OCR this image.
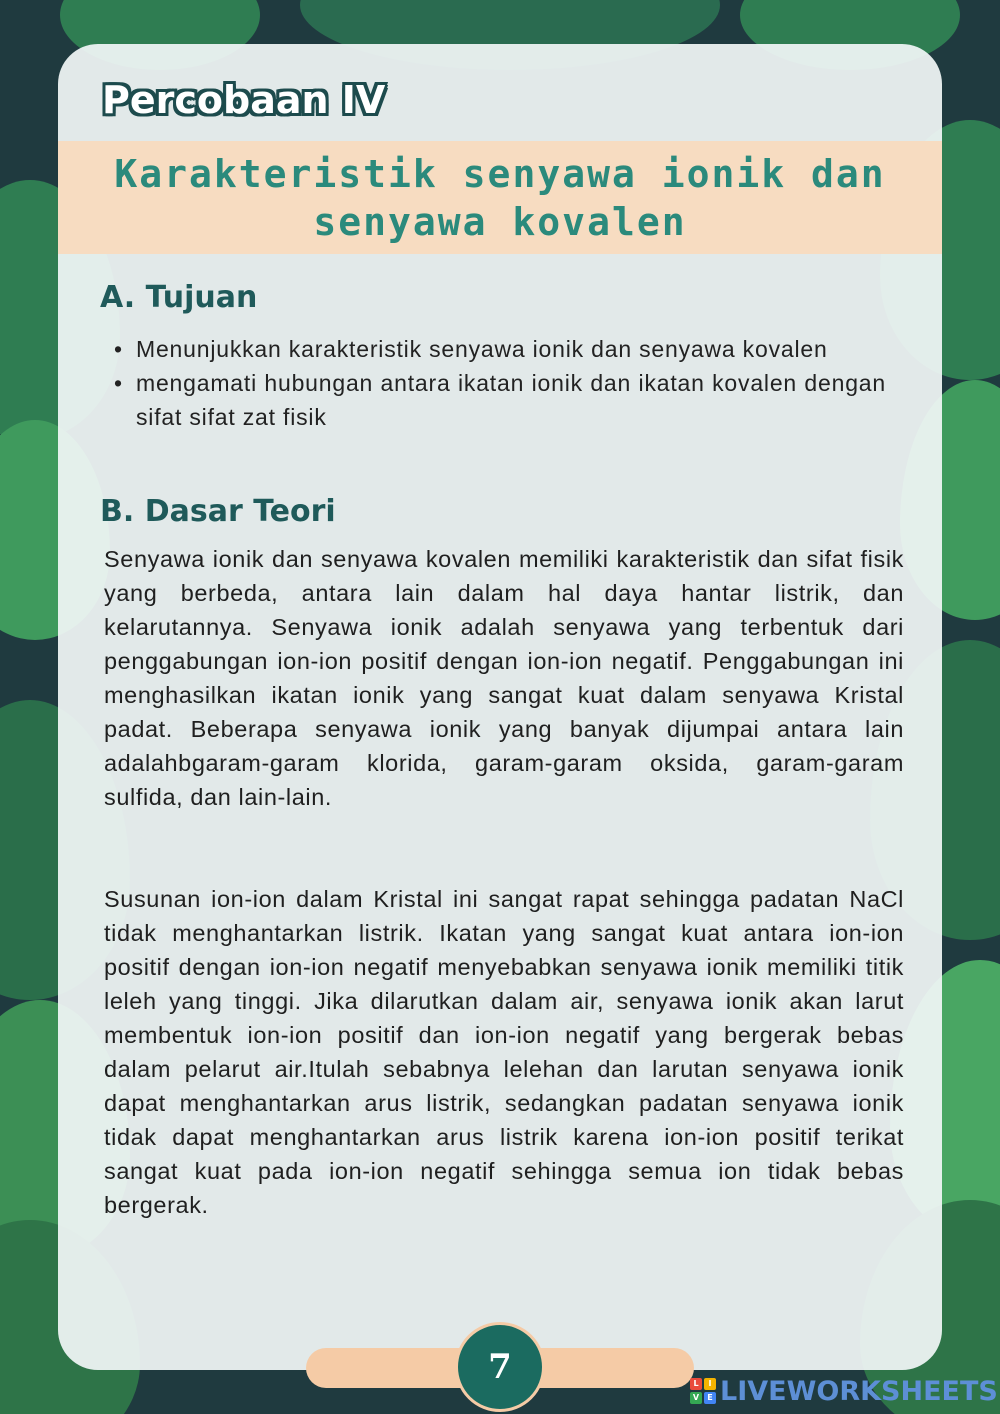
Percobaan IV
Karakteristik senyawa ionik dan
senyawa kovalen
A. Tujuan
• Menunjukkan karakteristik senyawa ionik dan senyawa kovalen
• mengamati hubungan antara ikatan ionik dan ikatan kovalen dengan sifat sifat zat fisik
B. Dasar Teori

Senyawa ionik dan senyawa kovalen memiliki karakteristik dan sifat fisik yang berbeda, antara lain dalam hal daya hantar listrik, dan kelarutannya. Senyawa ionik adalah senyawa yang terbentuk dari penggabungan ion-ion positif dengan ion-ion negatif. Penggabungan ini menghasilkan ikatan ionik yang sangat kuat dalam senyawa Kristal padat. Beberapa senyawa ionik yang banyak dijumpai antara lain adalahbgaram-garam klorida, garam-garam oksida, garam-garam sulfida, dan lain-lain.

Susunan ion-ion dalam Kristal ini sangat rapat sehingga padatan NaCl tidak menghantarkan listrik. Ikatan yang sangat kuat antara ion-ion positif dengan ion-ion negatif menyebabkan senyawa ionik memiliki titik leleh yang tinggi. Jika dilarutkan dalam air, senyawa ionik akan larut membentuk ion-ion positif dan ion-ion negatif yang bergerak bebas dalam pelarut air.Itulah sebabnya lelehan dan larutan senyawa ionik dapat menghantarkan arus listrik, sedangkan padatan senyawa ionik tidak dapat menghantarkan arus listrik karena ion-ion positif terikat sangat kuat pada ion-ion negatif sehingga semua ion tidak bebas bergerak.

7	L	I
V	E LIVEWORKSHEETS
